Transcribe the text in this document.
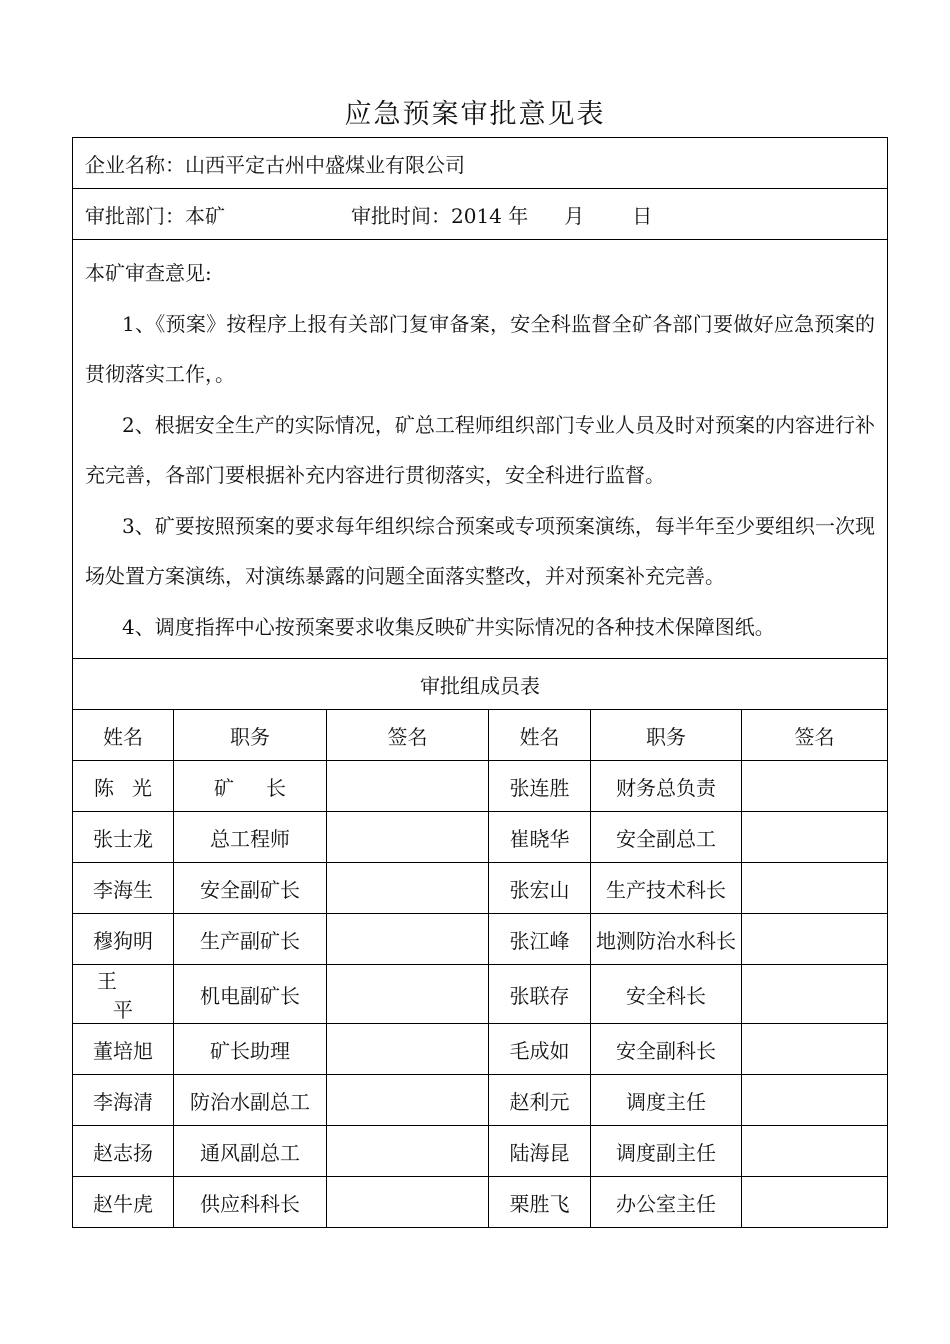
应急预案审批意见表
企业名称：山西平定古州中盛煤业有限公司					
审批部门：本矿 审批时间：2014 年 月 日					

本矿审查意见:

1、《预案》按程序上报有关部门复审备案，安全科监督全矿各部门要做好应急预案的贯彻落实工作，。

2、根据安全生产的实际情况，矿总工程师组织部门专业人员及时对预案的内容进行补充完善，各部门要根据补充内容进行贯彻落实，安全科进行监督。

3、矿要按照预案的要求每年组织综合预案或专项预案演练，每半年至少要组织一次现场处置方案演练，对演练暴露的问题全面落实整改，并对预案补充完善。

4、调度指挥中心按预案要求收集反映矿井实际情况的各种技术保障图纸。					

审批组成员表					
姓名	职务	签名	姓名	职务	签名
陈光	矿长		张连胜	财务总负责	
张士龙	总工程师		崔晓华	安全副总工	
李海生	安全副矿长		张宏山	生产技术科长	
穆狗明	生产副矿长		张江峰	地测防治水科长	
王平	机电副矿长		张联存	安全科长	
董培旭	矿长助理		毛成如	安全副科长	
李海清	防治水副总工		赵利元	调度主任	
赵志扬	通风副总工		陆海昆	调度副主任	
赵牛虎	供应科科长		栗胜飞	办公室主任	
